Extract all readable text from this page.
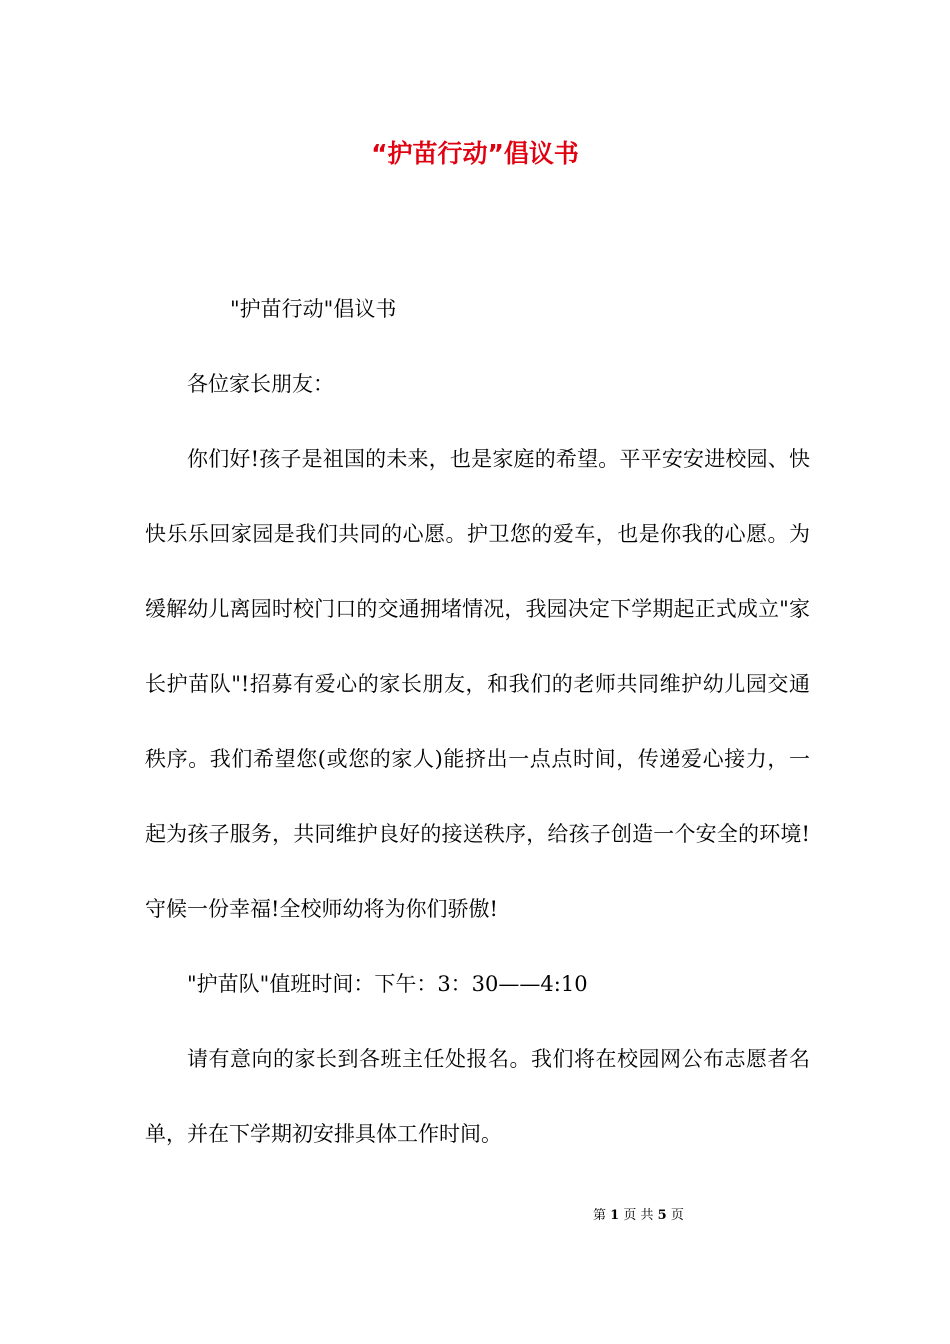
“护苗行动”倡议书

"护苗行动"倡议书

各位家长朋友：

你们好!孩子是祖国的未来，也是家庭的希望。平平安安进校园、快快乐乐回家园是我们共同的心愿。护卫您的爱车，也是你我的心愿。为缓解幼儿离园时校门口的交通拥堵情况，我园决定下学期起正式成立"家长护苗队"!招募有爱心的家长朋友，和我们的老师共同维护幼儿园交通秩序。我们希望您(或您的家人)能挤出一点点时间，传递爱心接力，一起为孩子服务，共同维护良好的接送秩序，给孩子创造一个安全的环境!守候一份幸福!全校师幼将为你们骄傲!

"护苗队"值班时间：下午：3：30——4:10

请有意向的家长到各班主任处报名。我们将在校园网公布志愿者名单，并在下学期初安排具体工作时间。

第 1 页 共 5 页
